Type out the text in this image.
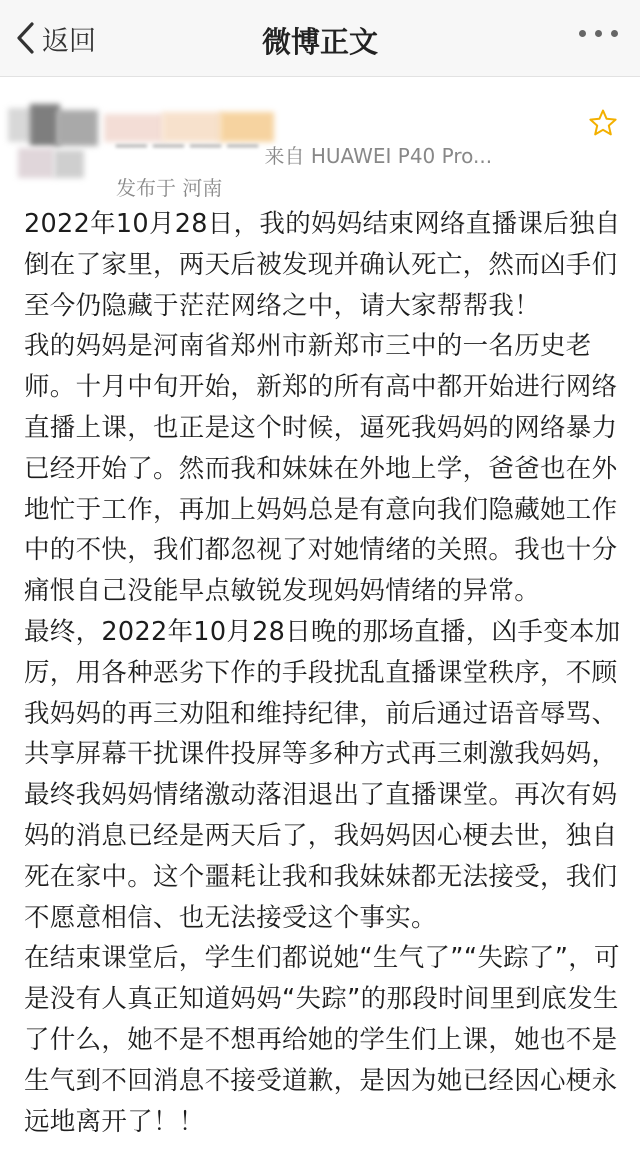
返回	微博正文
▔▔ ▔▔ ▔▔ ▔▔ 来自 HUAWEI P40 Pro...
发布于 河南

2022年10月28日，我的妈妈结束网络直播课后独自倒在了家里，两天后被发现并确认死亡，然而凶手们至今仍隐藏于茫茫网络之中，请大家帮帮我！

我的妈妈是河南省郑州市新郑市三中的一名历史老师。十月中旬开始，新郑的所有高中都开始进行网络直播上课，也正是这个时候，逼死我妈妈的网络暴力已经开始了。然而我和妹妹在外地上学，爸爸也在外地忙于工作，再加上妈妈总是有意向我们隐藏她工作中的不快，我们都忽视了对她情绪的关照。我也十分痛恨自己没能早点敏锐发现妈妈情绪的异常。

最终，2022年10月28日晚的那场直播，凶手变本加厉，用各种恶劣下作的手段扰乱直播课堂秩序，不顾我妈妈的再三劝阻和维持纪律，前后通过语音辱骂、共享屏幕干扰课件投屏等多种方式再三刺激我妈妈，最终我妈妈情绪激动落泪退出了直播课堂。再次有妈妈的消息已经是两天后了，我妈妈因心梗去世，独自死在家中。这个噩耗让我和我妹妹都无法接受，我们不愿意相信、也无法接受这个事实。

在结束课堂后，学生们都说她“生气了”“失踪了”，可是没有人真正知道妈妈“失踪”的那段时间里到底发生了什么，她不是不想再给她的学生们上课，她也不是生气到不回消息不接受道歉，是因为她已经因心梗永远地离开了！！
